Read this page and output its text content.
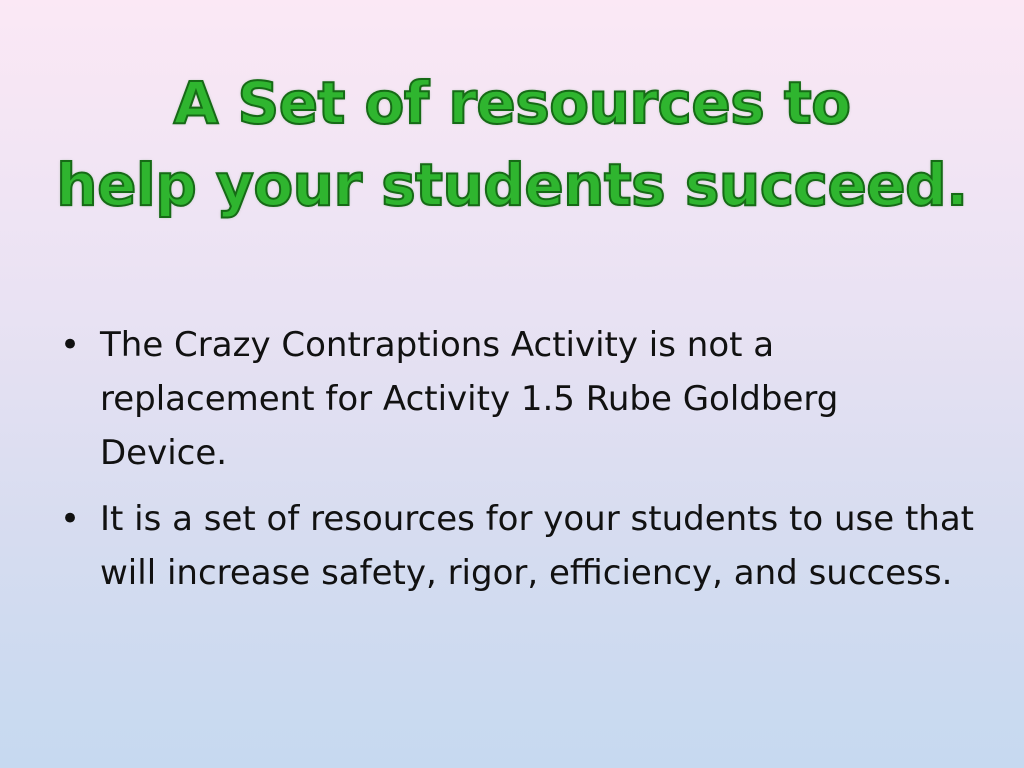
A Set of resources to
help your students succeed.
• The Crazy Contraptions Activity is not a replacement for Activity 1.5 Rube Goldberg Device.
• It is a set of resources for your students to use that will increase safety, rigor, efficiency, and success.
